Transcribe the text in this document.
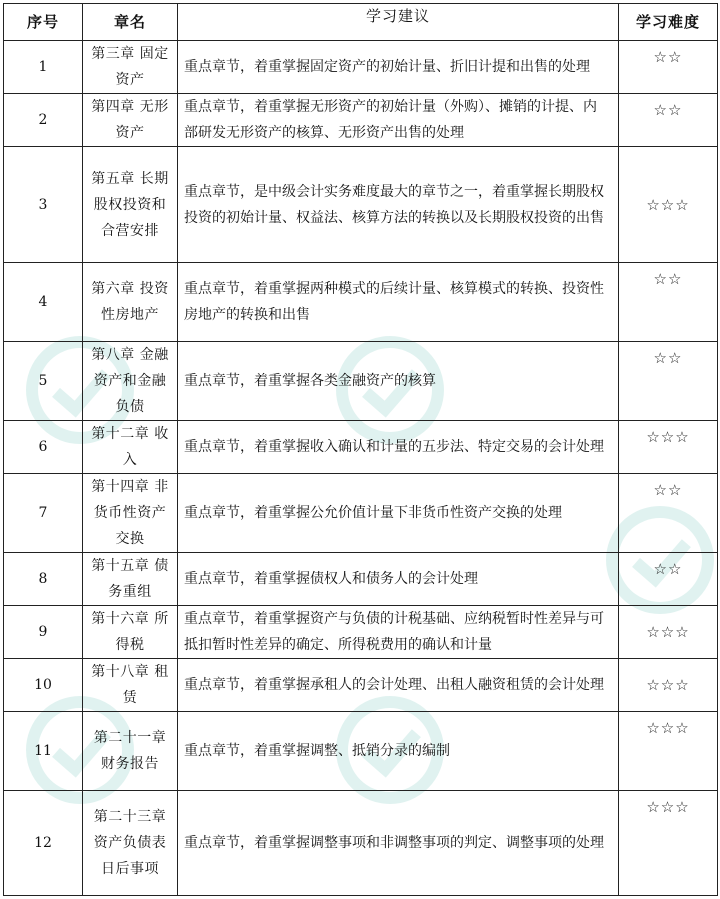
序号	章名	学习建议	学习难度
1	第三章 固定资产	重点章节，着重掌握固定资产的初始计量、折旧计提和出售的处理	☆☆
2	第四章 无形资产	重点章节，着重掌握无形资产的初始计量（外购）、摊销的计提、内部研发无形资产的核算、无形资产出售的处理	☆☆
3	第五章 长期股权投资和合营安排	重点章节，是中级会计实务难度最大的章节之一，着重掌握长期股权投资的初始计量、权益法、核算方法的转换以及长期股权投资的出售	☆☆☆
4	第六章 投资性房地产	重点章节，着重掌握两种模式的后续计量、核算模式的转换、投资性房地产的转换和出售	☆☆
5	第八章 金融资产和金融负债	重点章节，着重掌握各类金融资产的核算	☆☆
6	第十二章 收入	重点章节，着重掌握收入确认和计量的五步法、特定交易的会计处理	☆☆☆
7	第十四章 非货币性资产交换	重点章节，着重掌握公允价值计量下非货币性资产交换的处理	☆☆
8	第十五章 债务重组	重点章节，着重掌握债权人和债务人的会计处理	☆☆
9	第十六章 所得税	重点章节，着重掌握资产与负债的计税基础、应纳税暂时性差异与可抵扣暂时性差异的确定、所得税费用的确认和计量	☆☆☆
10	第十八章 租赁	重点章节，着重掌握承租人的会计处理、出租人融资租赁的会计处理	☆☆☆
11	第二十一章 财务报告	重点章节，着重掌握调整、抵销分录的编制	☆☆☆
12	第二十三章 资产负债表日后事项	重点章节，着重掌握调整事项和非调整事项的判定、调整事项的处理	☆☆☆
